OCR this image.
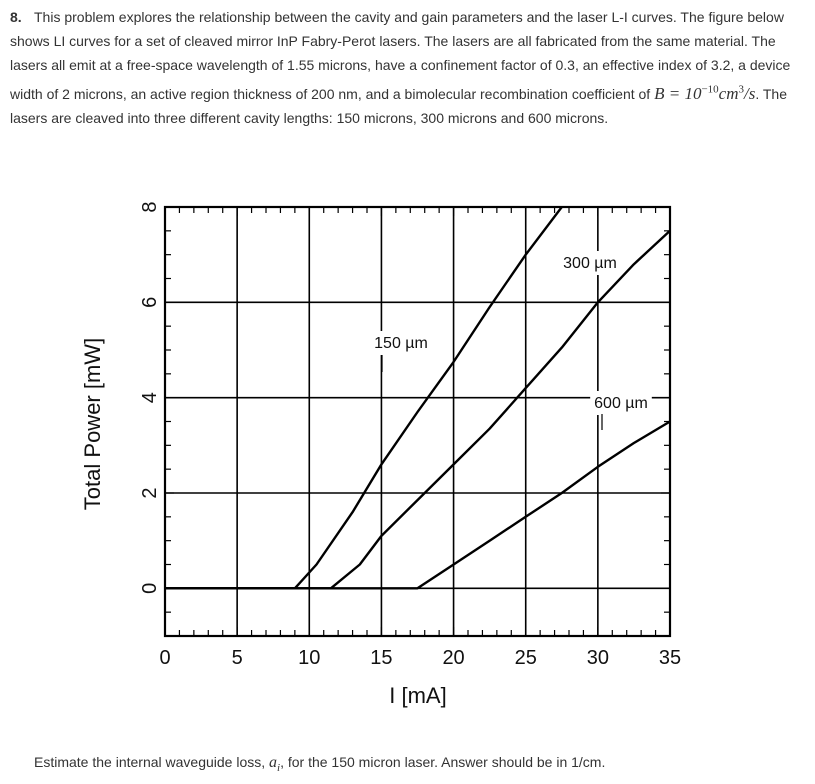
8. This problem explores the relationship between the cavity and gain parameters and the laser L-I curves. The figure below shows LI curves for a set of cleaved mirror InP Fabry-Perot lasers. The lasers are all fabricated from the same material. The lasers all emit at a free-space wavelength of 1.55 microns, have a confinement factor of 0.3, an effective index of 3.2, a device width of 2 microns, an active region thickness of 200 nm, and a bimolecular recombination coefficient of $B = 10^{-10}cm^3/s$. The lasers are cleaved into three different cavity lengths: 150 microns, 300 microns and 600 microns.
0	5	10 15 20 25 30 35
0
2
4
6
8
150 µm
300 µm
600 µm
Total Power [mW]
I [mA]
Estimate the internal waveguide loss, $a_i$, for the 150 micron laser. Answer should be in 1/cm.
